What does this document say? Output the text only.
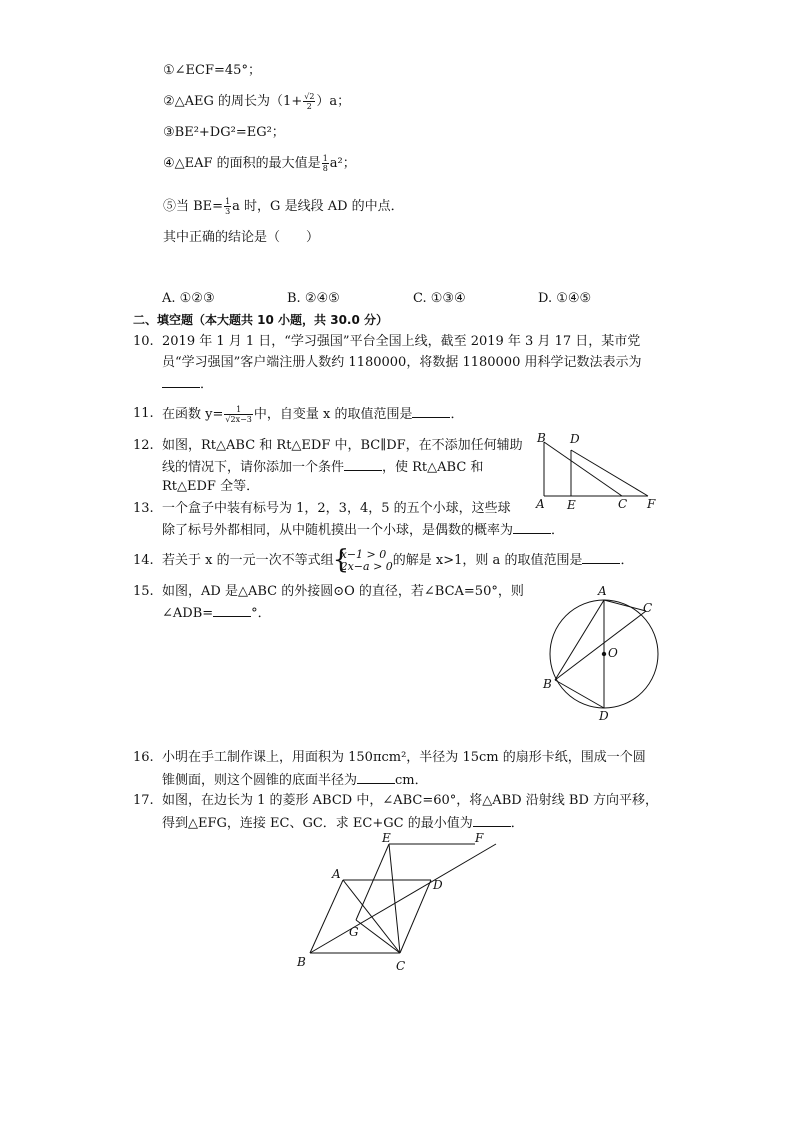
①∠ECF=45°；
②△AEG 的周长为$(1+ \frac{√2}{2} )a$；
③BE²+DG²=EG²；
④△EAF 的面积的最大值是 $\frac{1}{8} a^2$；
⑤当 $BE= \frac{1}{3}$ a 时，G 是线段 AD 的中点．
其中正确的结论是（　　）
A. ①②③	B. ②④⑤	C. ①③④	D. ①④⑤
二、填空题（本大题共 10 小题，共 30.0 分）
10. 2019 年 1 月 1 日，“学习强国”平台全国上线，截至 2019 年 3 月 17 日，某市党
员“学习强国”客户端注册人数约 1180000，将数据 1180000 用科学记数法表示为
．
11. 在函数 $y= \frac{1}{√2x-3}$ 中，自变量 x 的取值范围是	．
12. 如图，Rt△ABC 和 Rt△EDF 中，BC∥DF，在不添加任何辅助
线的情况下，请你添加一个条件	，使 Rt△ABC 和
Rt△EDF 全等．
B D
A E	C F
13. 一个盒子中装有标号为 1，2，3，4，5 的五个小球，这些球
除了标号外都相同，从中随机摸出一个小球，是偶数的概率为	．
14. 若关于 x 的一元一次不等式组
{ x−1 > 0
2x−a > 0 的解是 x>1，则 a 的取值范围是	．
15. 如图，AD 是△ABC 的外接圆⊙O 的直径，若∠BCA=50°，则
∠ADB=	°．
A
C
O
B
D
16. 小明在手工制作课上，用面积为 150πcm²，半径为 15cm 的扇形卡纸，围成一个圆
锥侧面，则这个圆锥的底面半径为	cm．
17. 如图，在边长为 1 的菱形 ABCD 中，∠ABC=60°，将△ABD 沿射线 BD 方向平移，
得到△EFG，连接 EC、GC．求 EC+GC 的最小值为	．
E	F
A
D
G
B	C
